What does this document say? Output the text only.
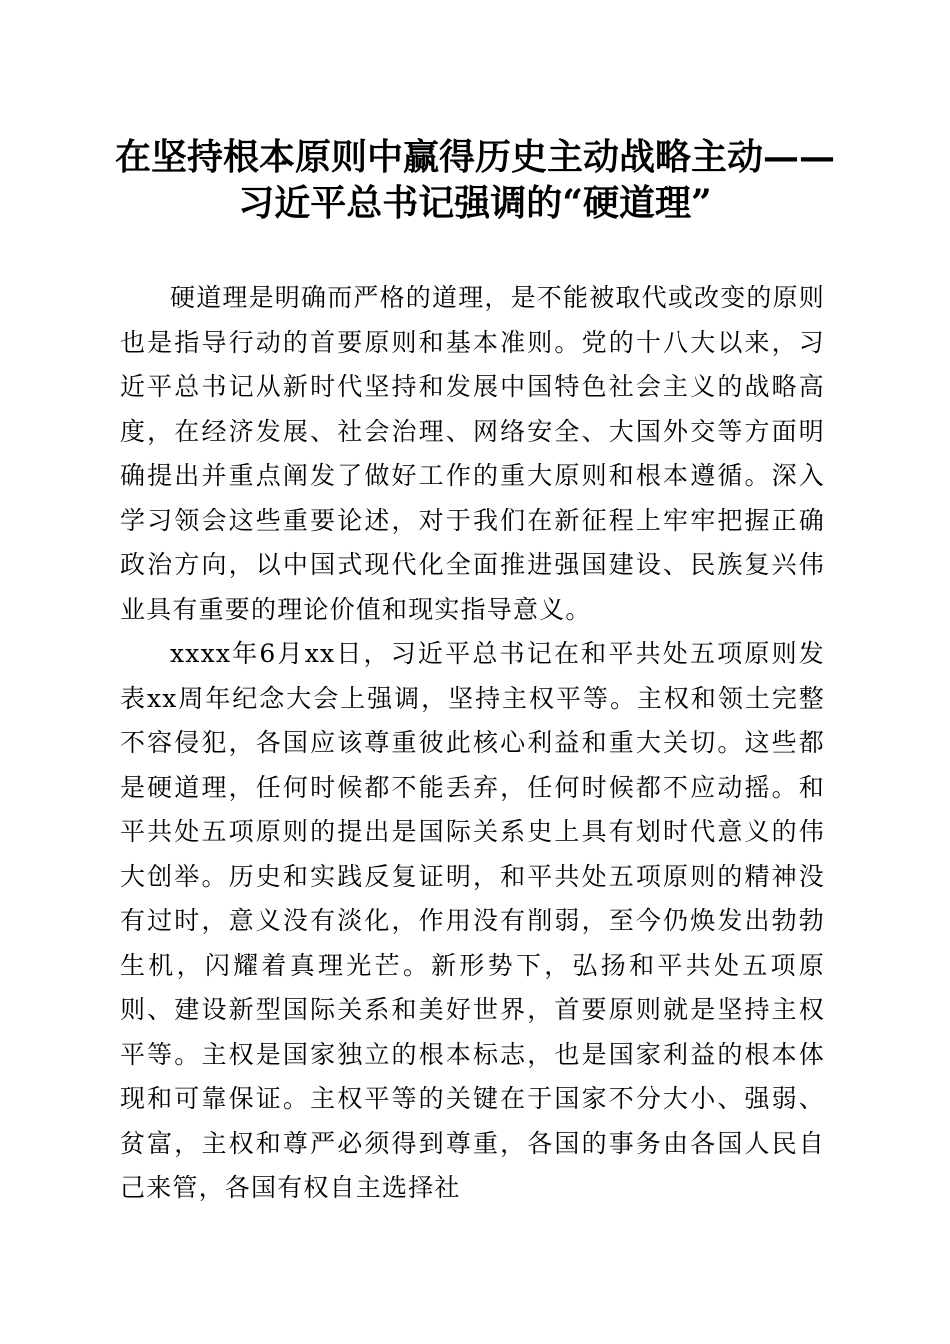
在坚持根本原则中赢得历史主动战略主动——
习近平总书记强调的“硬道理”

硬道理是明确而严格的道理，是不能被取代或改变的原则也是指导行动的首要原则和基本准则。党的十八大以来，习近平总书记从新时代坚持和发展中国特色社会主义的战略高度，在经济发展、社会治理、网络安全、大国外交等方面明确提出并重点阐发了做好工作的重大原则和根本遵循。深入学习领会这些重要论述，对于我们在新征程上牢牢把握正确政治方向，以中国式现代化全面推进强国建设、民族复兴伟业具有重要的理论价值和现实指导意义。

xxxx年6月xx日，习近平总书记在和平共处五项原则发表xx周年纪念大会上强调，坚持主权平等。主权和领土完整不容侵犯，各国应该尊重彼此核心利益和重大关切。这些都是硬道理，任何时候都不能丢弃，任何时候都不应动摇。和平共处五项原则的提出是国际关系史上具有划时代意义的伟大创举。历史和实践反复证明，和平共处五项原则的精神没有过时，意义没有淡化，作用没有削弱，至今仍焕发出勃勃生机，闪耀着真理光芒。新形势下，弘扬和平共处五项原则、建设新型国际关系和美好世界，首要原则就是坚持主权平等。主权是国家独立的根本标志，也是国家利益的根本体现和可靠保证。主权平等的关键在于国家不分大小、强弱、贫富，主权和尊严必须得到尊重，各国的事务由各国人民自己来管，各国有权自主选择社
